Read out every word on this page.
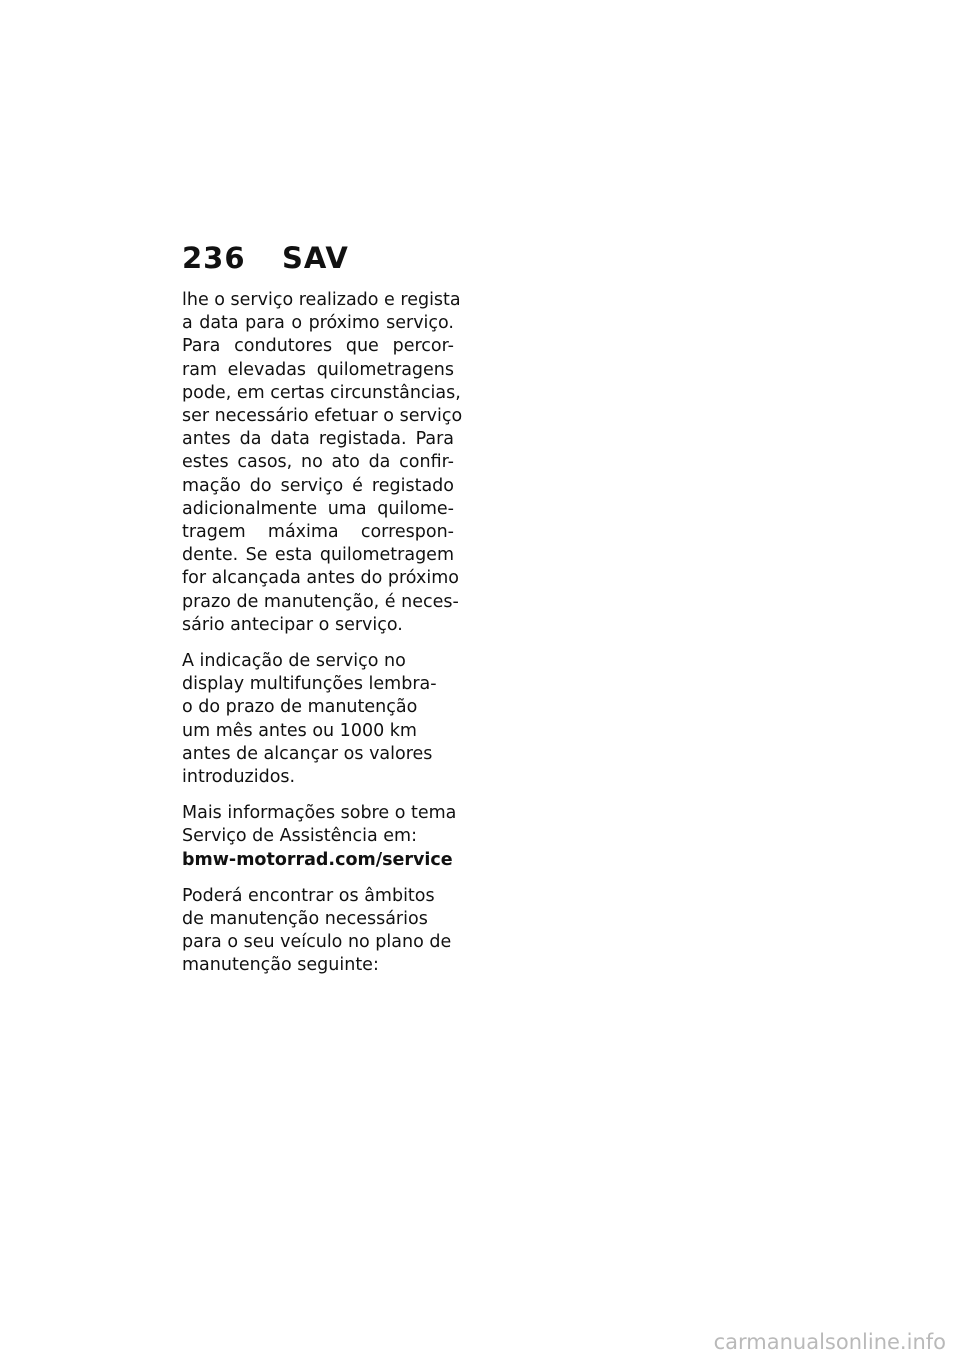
236 SAV

lhe o serviço realizado e regista
a data para o próximo serviço.
Para condutores que percor-
ram elevadas quilometragens
pode, em certas circunstâncias,
ser necessário efetuar o serviço
antes da data registada. Para
estes casos, no ato da confir-
mação do serviço é registado
adicionalmente uma quilome-
tragem máxima correspon-
dente. Se esta quilometragem
for alcançada antes do próximo
prazo de manutenção, é neces-
sário antecipar o serviço.

A indicação de serviço no
display multifunções lembra-
o do prazo de manutenção
um mês antes ou 1000 km
antes de alcançar os valores
introduzidos.

Mais informações sobre o tema
Serviço de Assistência em:
bmw-motorrad.com/service

Poderá encontrar os âmbitos
de manutenção necessários
para o seu veículo no plano de
manutenção seguinte:

carmanualsonline.info
